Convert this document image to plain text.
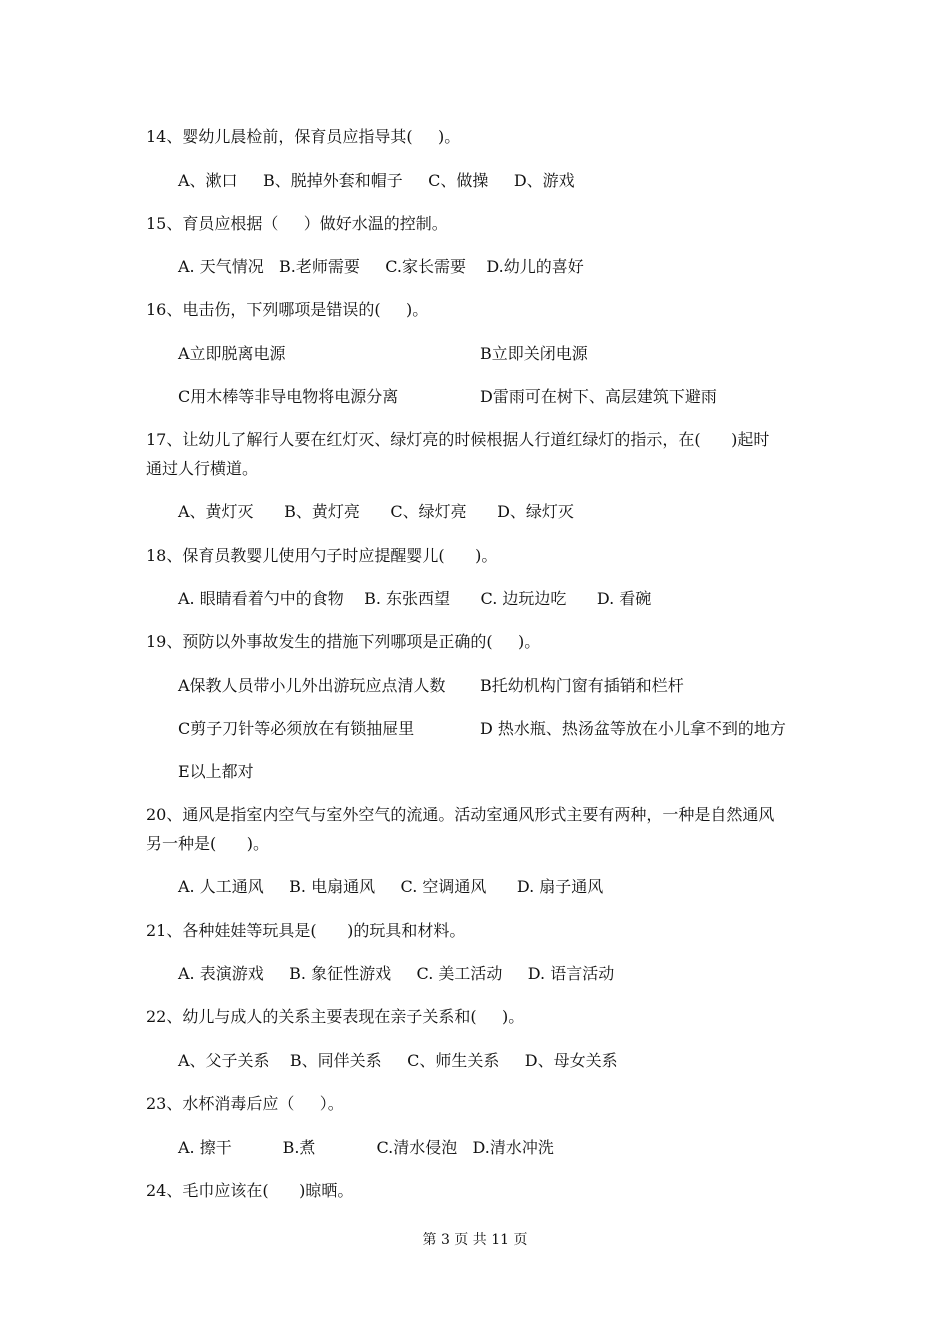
14、婴幼儿晨检前，保育员应指导其(     )。
A、漱口     B、脱掉外套和帽子     C、做操     D、游戏
15、育员应根据（     ）做好水温的控制。
A. 天气情况   B.老师需要     C.家长需要    D.幼儿的喜好
16、电击伤，下列哪项是错误的(     )。
A立即脱离电源	B立即关闭电源
C用木棒等非导电物将电源分离	D雷雨可在树下、高层建筑下避雨
17、让幼儿了解行人要在红灯灭、绿灯亮的时候根据人行道红绿灯的指示，在(      )起时
通过人行横道。
A、黄灯灭      B、黄灯亮      C、绿灯亮      D、绿灯灭
18、保育员教婴儿使用勺子时应提醒婴儿(      )。
A. 眼睛看着勺中的食物    B. 东张西望      C. 边玩边吃      D. 看碗
19、预防以外事故发生的措施下列哪项是正确的(     )。
A保教人员带小儿外出游玩应点清人数 B托幼机构门窗有插销和栏杆
C剪子刀针等必须放在有锁抽屉里	D 热水瓶、热汤盆等放在小儿拿不到的地方
E以上都对
20、通风是指室内空气与室外空气的流通。活动室通风形式主要有两种，一种是自然通风
另一种是(      )。
A. 人工通风     B. 电扇通风     C. 空调通风      D. 扇子通风
21、各种娃娃等玩具是(      )的玩具和材料。
A. 表演游戏     B. 象征性游戏     C. 美工活动     D. 语言活动
22、幼儿与成人的关系主要表现在亲子关系和(     )。
A、父子关系    B、同伴关系     C、师生关系     D、母女关系
23、水杯消毒后应（     ）。
A. 擦干          B.煮            C.清水侵泡   D.清水冲洗
24、毛巾应该在(      )晾晒。
第 3 页 共 11 页
